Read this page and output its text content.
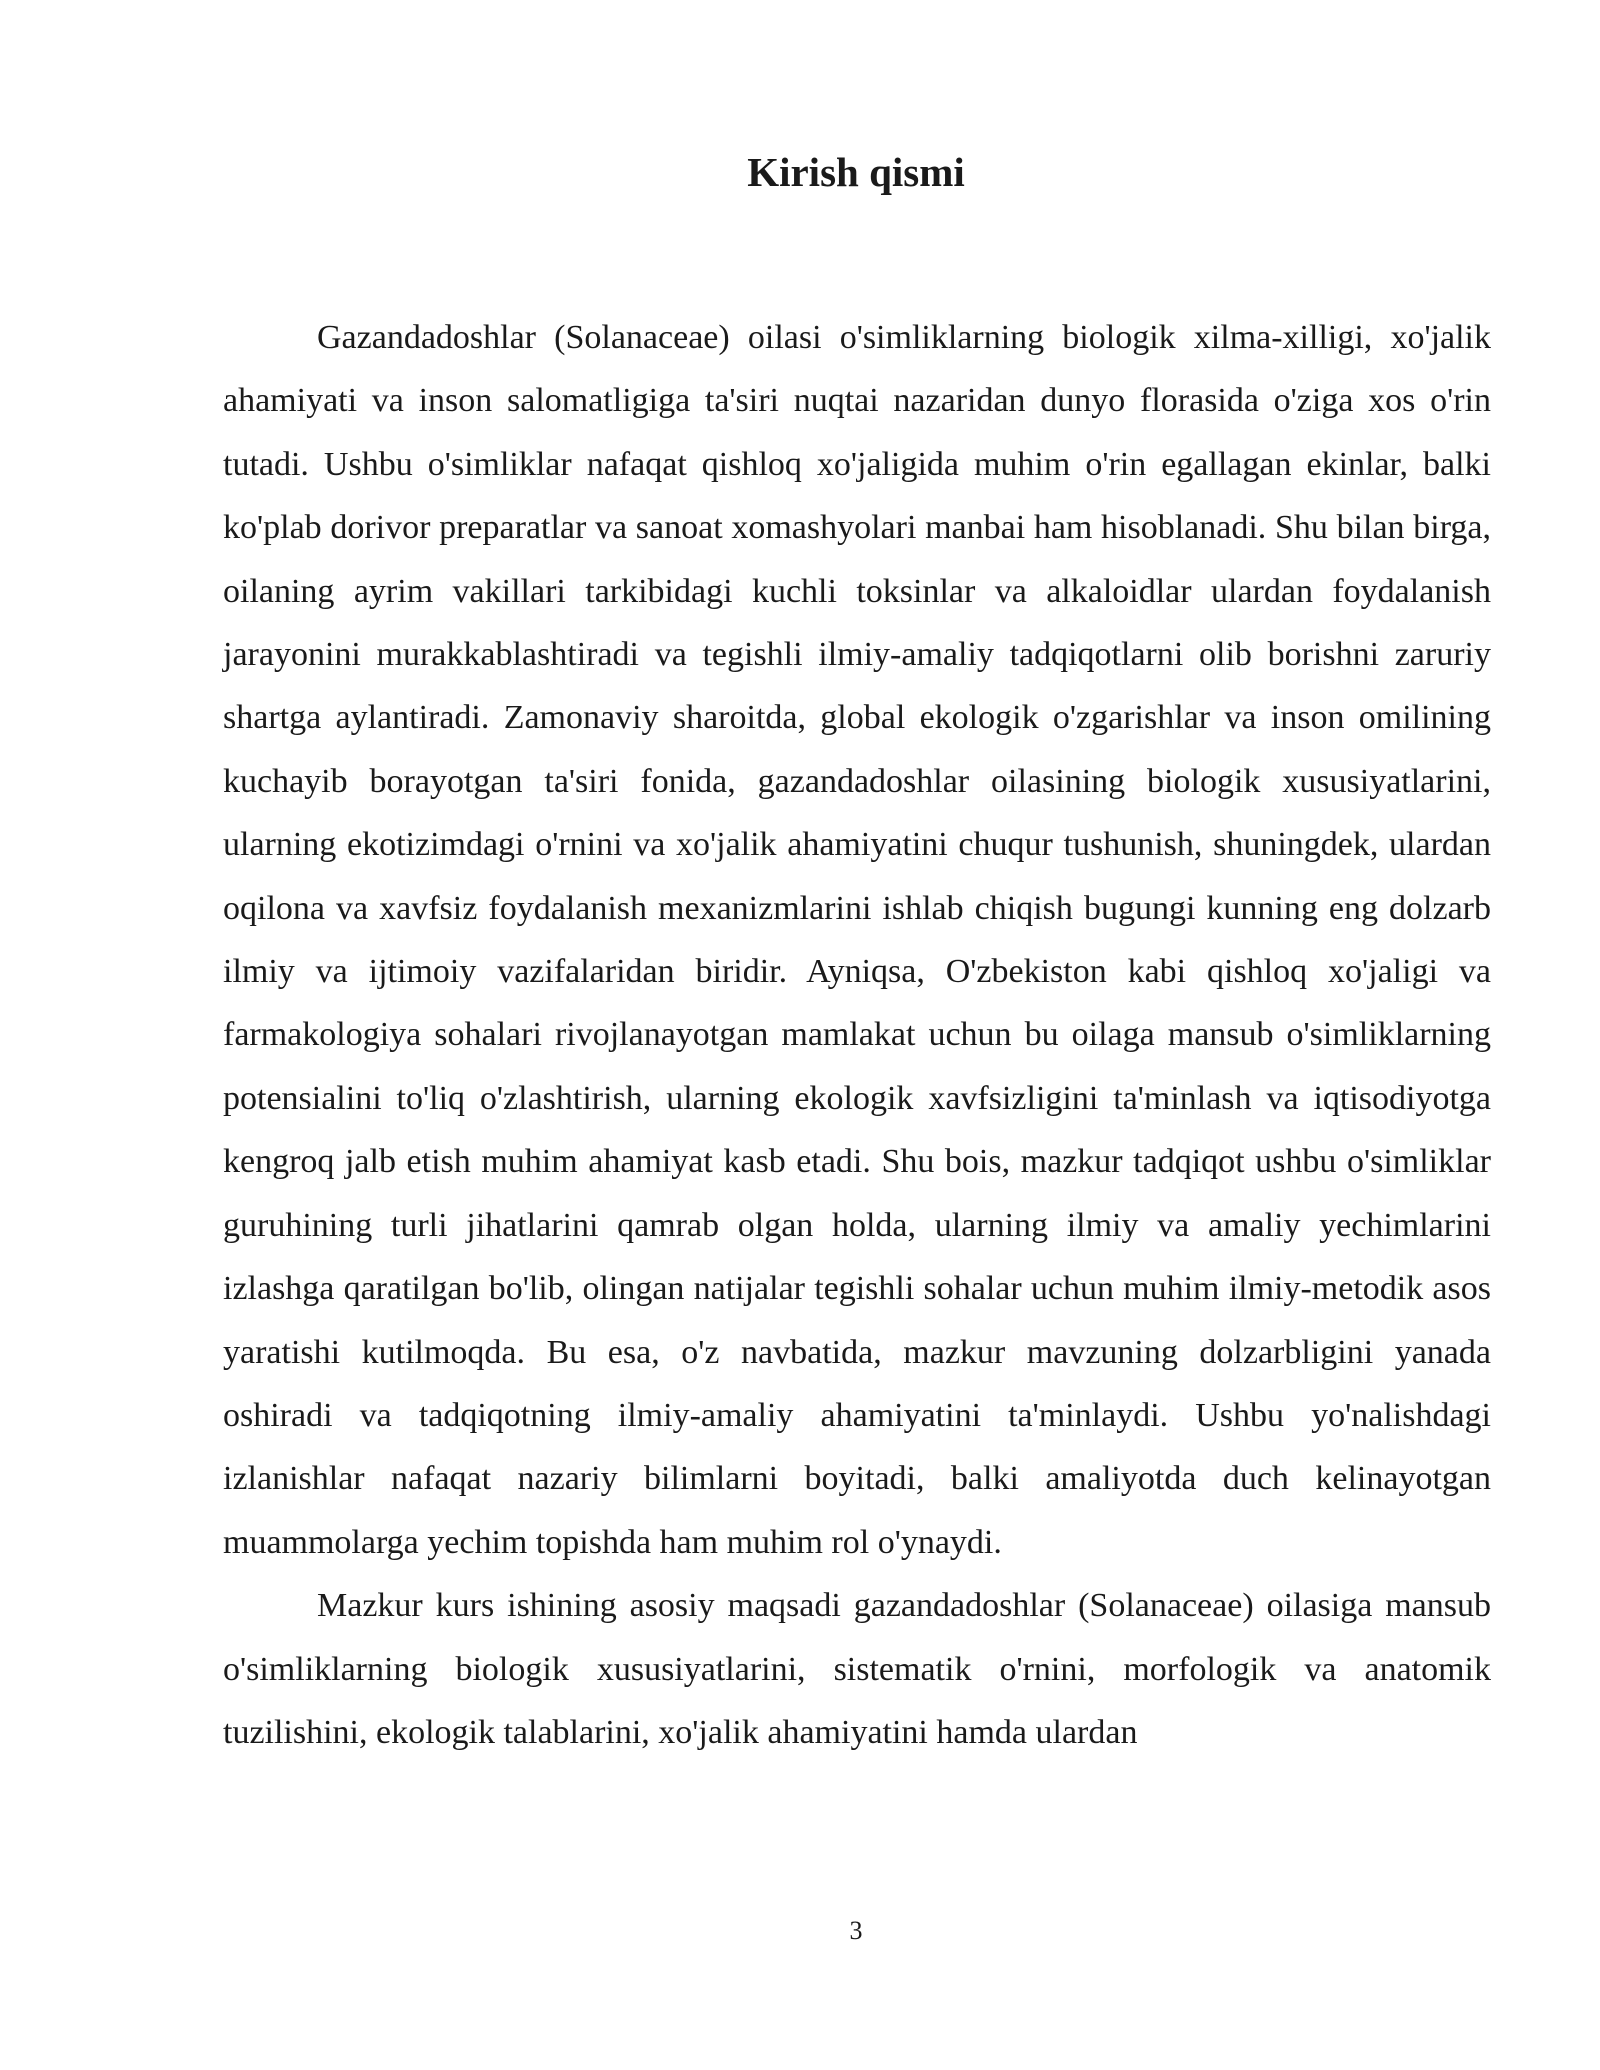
Kirish qismi

Gazandadoshlar (Solanaceae) oilasi o'simliklarning biologik xilma-xilligi, xo'jalik ahamiyati va inson salomatligiga ta'siri nuqtai nazaridan dunyo florasida o'ziga xos o'rin tutadi. Ushbu o'simliklar nafaqat qishloq xo'jaligida muhim o'rin egallagan ekinlar, balki ko'plab dorivor preparatlar va sanoat xomashyolari manbai ham hisoblanadi. Shu bilan birga, oilaning ayrim vakillari tarkibidagi kuchli toksinlar va alkaloidlar ulardan foydalanish jarayonini murakkablashtiradi va tegishli ilmiy-amaliy tadqiqotlarni olib borishni zaruriy shartga aylantiradi. Zamonaviy sharoitda, global ekologik o'zgarishlar va inson omilining kuchayib borayotgan ta'siri fonida, gazandadoshlar oilasining biologik xususiyatlarini, ularning ekotizimdagi o'rnini va xo'jalik ahamiyatini chuqur tushunish, shuningdek, ulardan oqilona va xavfsiz foydalanish mexanizmlarini ishlab chiqish bugungi kunning eng dolzarb ilmiy va ijtimoiy vazifalaridan biridir. Ayniqsa, O'zbekiston kabi qishloq xo'jaligi va farmakologiya sohalari rivojlanayotgan mamlakat uchun bu oilaga mansub o'simliklarning potensialini to'liq o'zlashtirish, ularning ekologik xavfsizligini ta'minlash va iqtisodiyotga kengroq jalb etish muhim ahamiyat kasb etadi. Shu bois, mazkur tadqiqot ushbu o'simliklar guruhining turli jihatlarini qamrab olgan holda, ularning ilmiy va amaliy yechimlarini izlashga qaratilgan bo'lib, olingan natijalar tegishli sohalar uchun muhim ilmiy-metodik asos yaratishi kutilmoqda. Bu esa, o'z navbatida, mazkur mavzuning dolzarbligini yanada oshiradi va tadqiqotning ilmiy-amaliy ahamiyatini ta'minlaydi. Ushbu yo'nalishdagi izlanishlar nafaqat nazariy bilimlarni boyitadi, balki amaliyotda duch kelinayotgan muammolarga yechim topishda ham muhim rol o'ynaydi.

Mazkur kurs ishining asosiy maqsadi gazandadoshlar (Solanaceae) oilasiga mansub o'simliklarning biologik xususiyatlarini, sistematik o'rnini, morfologik va anatomik tuzilishini, ekologik talablarini, xo'jalik ahamiyatini hamda ulardan

3
